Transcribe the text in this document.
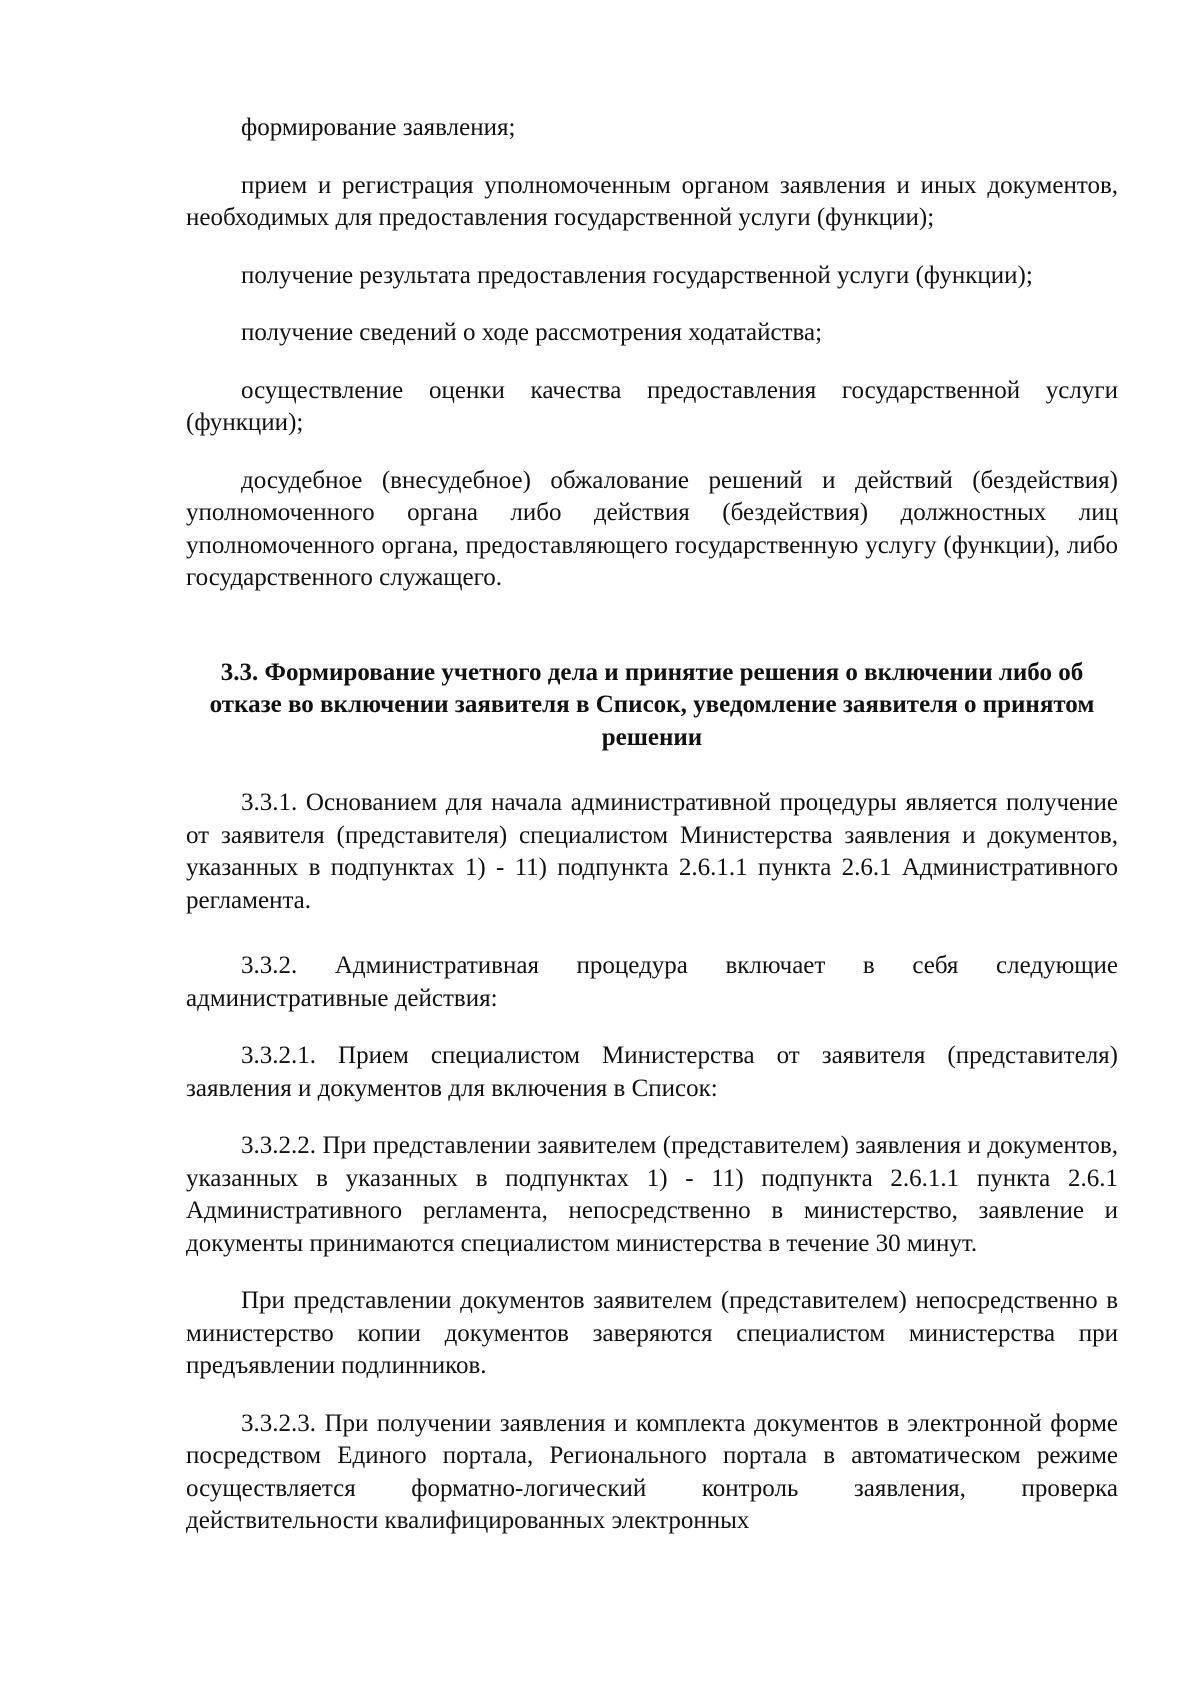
формирование заявления;

прием и регистрация уполномоченным органом заявления и иных документов, необходимых для предоставления государственной услуги (функции);

получение результата предоставления государственной услуги (функции);

получение сведений о ходе рассмотрения ходатайства;

осуществление оценки качества предоставления государственной услуги (функции);

досудебное (внесудебное) обжалование решений и действий (бездействия) уполномоченного органа либо действия (бездействия) должностных лиц уполномоченного органа, предоставляющего государственную услугу (функции), либо государственного служащего.

3.3. Формирование учетного дела и принятие решения о включении либо об отказе во включении заявителя в Список, уведомление заявителя о принятом решении

3.3.1. Основанием для начала административной процедуры является получение от заявителя (представителя) специалистом Министерства заявления и документов, указанных в подпунктах 1) - 11) подпункта 2.6.1.1 пункта 2.6.1 Административного регламента.

3.3.2. Административная процедура включает в себя следующие административные действия:

3.3.2.1. Прием специалистом Министерства от заявителя (представителя) заявления и документов для включения в Список:

3.3.2.2. При представлении заявителем (представителем) заявления и документов, указанных в указанных в подпунктах 1) - 11) подпункта 2.6.1.1 пункта 2.6.1 Административного регламента, непосредственно в министерство, заявление и документы принимаются специалистом министерства в течение 30 минут.

При представлении документов заявителем (представителем) непосредственно в министерство копии документов заверяются специалистом министерства при предъявлении подлинников.

3.3.2.3. При получении заявления и комплекта документов в электронной форме посредством Единого портала, Регионального портала в автоматическом режиме осуществляется форматно-логический контроль заявления, проверка действительности квалифицированных электронных
